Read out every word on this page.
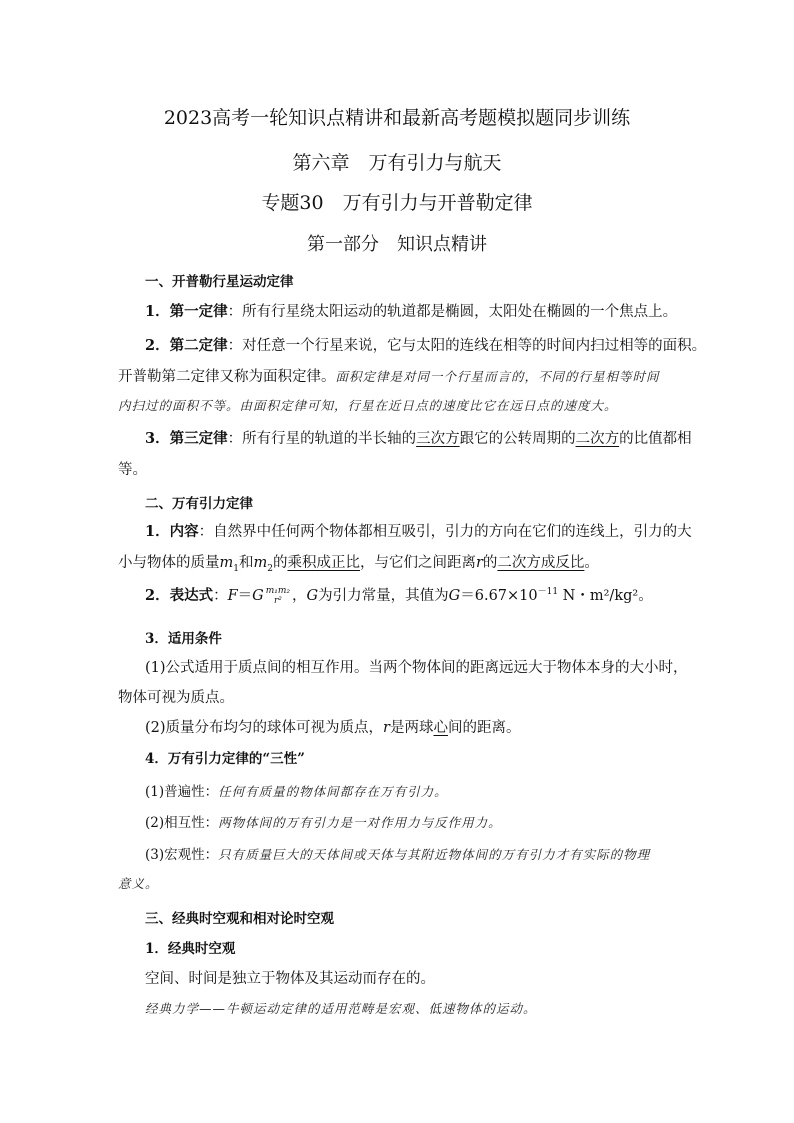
2023高考一轮知识点精讲和最新高考题模拟题同步训练
第六章　万有引力与航天
专题30　万有引力与开普勒定律
第一部分　知识点精讲
一、开普勒行星运动定律
1．第一定律：所有行星绕太阳运动的轨道都是椭圆，太阳处在椭圆的一个焦点上。
2．第二定律：对任意一个行星来说，它与太阳的连线在相等的时间内扫过相等的面积。
开普勒第二定律又称为面积定律。面积定律是对同一个行星而言的，不同的行星相等时间
内扫过的面积不等。由面积定律可知，行星在近日点的速度比它在远日点的速度大。
3．第三定律：所有行星的轨道的半长轴的三次方跟它的公转周期的二次方的比值都相
等。
二、万有引力定律
1．内容：自然界中任何两个物体都相互吸引，引力的方向在它们的连线上，引力的大
小与物体的质量$m_1$和$m_2$的乘积成正比，与它们之间距离r的二次方成反比。
2．表达式：F＝G m₁m₂
r² ，G为引力常量，其值为$G=6.67\times 10^{-11}$ N・m²/kg²。
3．适用条件
(1)公式适用于质点间的相互作用。当两个物体间的距离远远大于物体本身的大小时，
物体可视为质点。
(2)质量分布均匀的球体可视为质点，r是两球心间的距离。
4．万有引力定律的“三性”
(1)普遍性：任何有质量的物体间都存在万有引力。
(2)相互性：两物体间的万有引力是一对作用力与反作用力。
(3)宏观性：只有质量巨大的天体间或天体与其附近物体间的万有引力才有实际的物理
意义。
三、经典时空观和相对论时空观
1．经典时空观
空间、时间是独立于物体及其运动而存在的。
经典力学——牛顿运动定律的适用范畴是宏观、低速物体的运动。
